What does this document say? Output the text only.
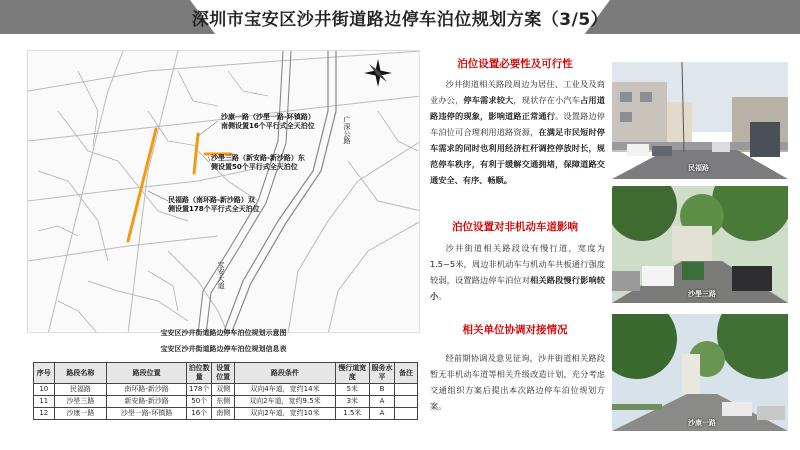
深圳市宝安区沙井街道路边停车泊位规划方案（3/5）
沙康一路（沙壆一路-环镇路）南侧设置16个平行式全天泊位
沙壆三路（新安路-新沙路）东侧设置50个平行式全天泊位
民福路（南环路-新沙路）双侧设置178个平行式全天泊位
广深公路
宝安大道
宝安区沙井街道路边停车泊位规划示意图
宝安区沙井街道路边停车泊位规划信息表
序号	路段名称	路段位置	泊位数量	设置位置	路段条件	慢行道宽度	服务水平	备注
10	民福路	南环路-新沙路	178个	双侧	双向4车道，宽约14米	5米	B	
11	沙壆三路	新安路-新沙路	50个	东侧	双向2车道，宽约9.5米	3米	A	
12	沙康一路	沙壆一路-环镇路	16个	南侧	双向2车道，宽约10米	1.5米	A	
泊位设置必要性及可行性
沙井街道相关路段周边为居住、工业及及商业办公，停车需求较大，现状存在小汽车占用道路违停的现象，影响道路正常通行。设置路边停车泊位可合理利用道路资源，在满足市民短时停车需求的同时也利用经济杠杆调控停放时长，规范停车秩序，有利于缓解交通拥堵，保障道路交通安全、有序、畅顺。
泊位设置对非机动车道影响
沙井街道相关路段设有慢行道，宽度为1.5~5米，周边非机动车与机动车共板通行强度较弱，设置路边停车泊位对相关路段慢行影响较小。
相关单位协调对接情况
经前期协调及意见征询，沙井街道相关路段暂无非机动车道等相关升级改造计划，充分考虑交通组织方案后提出本次路边停车泊位规划方案。
民福路
沙壆三路
沙康一路
